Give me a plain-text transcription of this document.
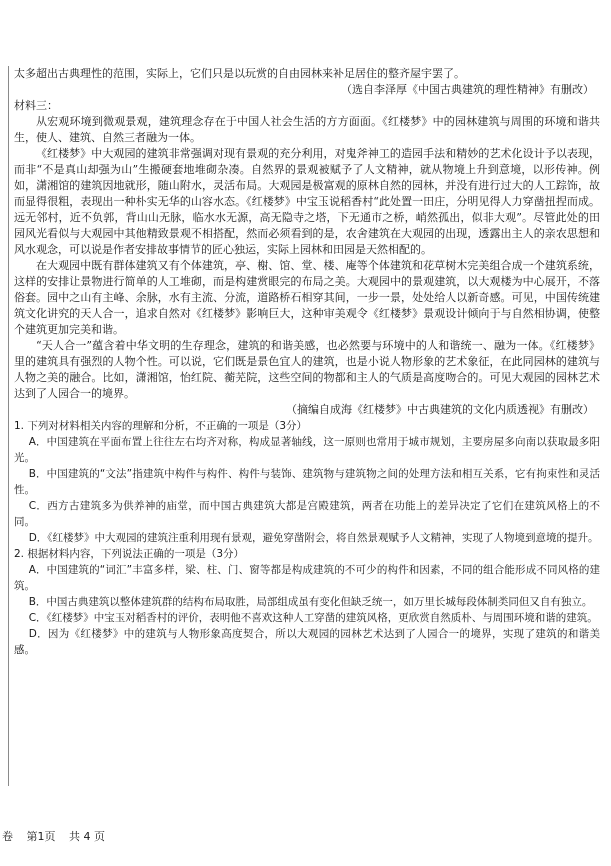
太多超出古典理性的范围，实际上，它们只是以玩赏的自由园林来补足居住的整齐屋宇罢了。

（选自李泽厚《中国古典建筑的理性精神》有删改）

材料三：

从宏观环境到微观景观，建筑理念存在于中国人社会生活的方方面面。《红楼梦》中的园林建筑与周围的环境和谐共生，使人、建筑、自然三者融为一体。

《红楼梦》中大观园的建筑非常强调对现有景观的充分利用，对鬼斧神工的造园手法和精妙的艺术化设计予以表现，而非“不是真山却强为山”生搬硬套地堆砌杂凑。自然界的景观被赋予了人文精神，就从物境上升到意境，以形传神。例如，潇湘馆的建筑因地就形，随山附水，灵活布局。大观园是极富观的原林自然的园林，并没有进行过大的人工踪饰，故而显得很粗，表现出一种朴实无华的山容水态。《红楼梦》中宝玉说稻香村“此处置一田庄，分明见得人力穿凿扭捏而成。远无邻村，近不负郭，背山山无脉，临水水无源，高无隐寺之塔，下无通市之桥，峭然孤出，似非大观”。尽管此处的田园风光看似与大观园中其他精致景观不相搭配，然而必须看到的是，农舍建筑在大观园的出现，透露出主人的亲农思想和风水观念，可以说是作者安排故事情节的匠心独运，实际上园林和田园是天然相配的。

在大观园中既有群体建筑又有个体建筑，亭、榭、馆、堂、楼、庵等个体建筑和花草树木完美组合成一个建筑系统，这样的安排让景物进行简单的人工堆砌，而是构建赏眼完的布局之美。大观园中的景观建筑，以大观楼为中心展开，不落俗套。园中之山有主峰、余脉，水有主流、分流，道路桥石相穿其间，一步一景，处处给人以新奇感。可见，中国传统建筑文化讲究的天人合一，追求自然对《红楼梦》影响巨大，这种审美观令《红楼梦》景观设计倾向于与自然相协调，使整个建筑更加完美和谐。

“天人合一”蕴含着中华文明的生存理念，建筑的和谐美感，也必然要与环境中的人和谐统一、融为一体。《红楼梦》里的建筑具有强烈的人物个性。可以说，它们既是景色宜人的建筑，也是小说人物形象的艺术象征，在此同园林的建筑与人物之美的融合。比如，潇湘馆，怡红院、蘅芜院，这些空间的物都和主人的气质是高度吻合的。可见大观园的园林艺术达到了人园合一的境界。

（摘编自成海《红楼梦》中古典建筑的文化内质透视》有删改）

1. 下列对材料相关内容的理解和分析，不正确的一项是（3分）

A．中国建筑在平面布置上往往左右均齐对称，构成显著轴线，这一原则也常用于城市规划，主要房屋多向南以获取最多阳光。

B．中国建筑的“文法”指建筑中构件与构件、构件与装饰、建筑物与建筑物之间的处理方法和相互关系，它有拘束性和灵活性。

C．西方古建筑多为供养神的庙堂，而中国古典建筑大都是宫殿建筑，两者在功能上的差异决定了它们在建筑风格上的不同。

D．《红楼梦》中大观园的建筑注重利用现有景观，避免穿凿附会，将自然景观赋予人文精神，实现了人物境到意境的提升。

2. 根据材料内容，下列说法正确的一项是（3分）

A．中国建筑的“词汇”丰富多样，梁、柱、门、窗等都是构成建筑的不可少的构件和因素，不同的组合能形成不同风格的建筑。

B．中国古典建筑以整体建筑群的结构布局取胜，局部组成虽有变化但缺乏统一，如万里长城每段体制类同但又自有独立。

C．《红楼梦》中宝玉对稻香村的评价，表明他不喜欢这种人工穿凿的建筑风格，更欣赏自然质朴、与周围环境和谐的建筑。

D．因为《红楼梦》中的建筑与人物形象高度契合，所以大观园的园林艺术达到了人园合一的境界，实现了建筑的和谐美感。

卷 第1页 共 4 页
